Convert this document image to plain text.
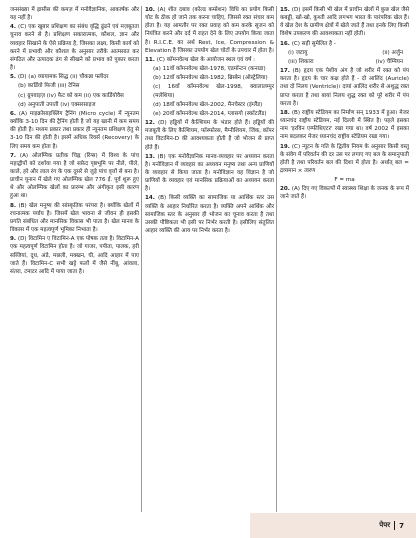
जनसंख्या में ह्रासीस की कमज़ में मनोवैज्ञानिक, आकार्षक और यह नहीं है।
4. (C) एक खुबार प्रशिक्षण का संबंध वृद्धि ढूंढने एवं मज़बूतता चुनाव करने से है। प्रशिक्षण सकारात्मक, कौशल, ज्ञान और व्यवहार सिखाने के ऐसे प्रक्रिया है, जिसका लक्ष्य, किसी कार्य को करने में प्रभावी और कौशल के अनुसार तरीके आत्मसात कर संगठित और उत्पादक ढंग से सीखने को प्रभाव को पुकार करता है।
5. (D) (a) व्यायामक सिद्ध (ii) चौकन्ना फ्लीदर
(b) कार्डियो फिजी (iii) टेनिस
(c) ग्रुपवाइज़ (iv) फैट को कम (ii) एक कार्डियोवैस
(d) अनुपाती उपाती (iv) एक्सरसाइज
6. (A) माइक्रोसाइक्लिंग ट्रैनिंग (Micro cycle) में न्यूनतम क्योंकि 3-10 दिन की ट्रैनिंग होती है जो यह खानी में कम समय की होती है। मध्यम प्रकार तथा प्रकार ही न्यूनतम प्रशिक्षण हेतु से 3-10 दिन की होती है। इसमें अधिक रिवर्स (Recovery) के लिए समय कम होता है।
7. (A) ओलम्पिक प्रतीक चिह्न (रिंग्स) में विश्व के पांच महाद्वीपों को दर्शाया गया है जो सफ़ेद पृष्ठभूमि पर नीले, पीले, काले, हरे और लाल रंग के एक दूसरे से जुड़े पांच वृत्तों से बना है। प्राचीन यूनान में खेले गए ओलम्पिक खेल 776 ई. पूर्व शुरू हुए थे और ओलम्पिक खेलों का प्रारम्भ और अंगीकृत इसी कारण हुआ था।
8. (B) खेल मनुष्य की सांस्कृतिक परंपरा है। क्योंकि खेलों में रचनात्मक पर्याय है। जिसमें खेल भावना से जीवन ही इसकी प्रगति संबंधित और मानसिक विकास भी पाता है। खेल मानव के विकास में एक महत्वपूर्ण भूमिका निभाता है।
9. (D) विटामिन ए विटामिन-A एक पोषक तत्व है। विटामिन-A एक महत्वपूर्ण विटामिन होता है। जो गाजर, पपीता, पालक, हरी सब्जियां, दूध, अंडे, मछली, मक्खन, घी, आदि आहार में पाए जाते हैं। विटामिन-C सभी खट्टे फलों में जैसे नींबू, आंवला, संतरा, टमाटर आदि में पाया जाता है।
10. (A) शीत दबाव (कोल्ड कम्प्रेशन) विधि का प्रयोग किसी चोट के ठीक हो जाने तक करना चाहिए, जिससे रक्त संचार कम होता है। यह आमतौर पर रक्त प्रवाह को कम करके सूजन को नियंत्रित करने और दर्द में राहत देने के लिए उपयोग किया जाता है। R.I.C.E. का अर्थ Rest, Ice, Compression & Elevation है जिसका उपयोग खेल चोटों के उपचार में होता है।
11. (C) कॉमनवेल्थ खेल के आयोजन स्थल एवं वर्ष :
(a) 11वाँ कॉमनवेल्थ खेल-1978, एडमॉन्टन (कनाडा)
(b) 12वाँ कॉमनवेल्थ खेल-1982, ब्रिस्बेन (ऑस्ट्रेलिया)
(c) 16वाँ कॉमनवेल्थ खेल-1998, क्वालालम्पुर (मलेशिया)
(d) 18वाँ कॉमनवेल्थ खेल-2002, मैनचेस्टर (इंग्लैंड)
(e) 20वाँ कॉमनवेल्थ खेल-2014, ग्लासगो (स्कॉटलैंड)
12. (D) हड्डियों में कैल्शियम के भंडार होते हैं। हड्डियों की मजबूती के लिए कैल्शियम, फॉस्फोरस, मैग्नीशियम, जिंक, कॉपर तथा विटामिन-D की आवश्यकता होती है जो भोजन से प्राप्त होते हैं।
13. (B) एक मनोवैज्ञानिक मानव-व्यवहार पर अध्ययन करता है। मनोविज्ञान में व्यवहार का अध्ययन मनुष्य तथा अन्य प्राणियों के व्यवहार से किया जाता है। मनोविज्ञान वह विज्ञान है जो प्राणियों के व्यवहार एवं मानसिक प्रक्रियाओं का अध्ययन करता है।
14. (B) किसी व्यक्ति का सामाजिक या आर्थिक स्तर उस व्यक्ति के आहार निर्धारित करता है। व्यक्ति अपने आर्थिक और सामाजिक स्तर के अनुसार ही भोजन का चुनाव करता है तथा उसकी पौष्टिकता भी इसी पर निर्भर करती है। इसीलिए संतुलित आहार व्यक्ति की आय पर निर्भर करता है।
15. (D) इसमें किसी भी खेल में प्राचीन खेलों में कुछ खेल जैसे कबड्डी, खो-खो, कुश्ती आदि लगभग भारत के पारंपरिक खेल हैं। ये खेल देश के ग्रामीण क्षेत्रों में खेले जाते हैं तथा इनके लिए किसी विशेष उपकरण की आवश्यकता नहीं होती।
16. (C) सही सुमेलित है -
(i) जटायु	(ii) अर्जुन
(iii) शिकारा	(iv) चैम्पियन
17. (B) हृदय एक पेशीय अंग है जो शरीर में रक्त को पंप करता है। हृदय के चार कक्ष होते हैं - दो आलिंद (Auricle) तथा दो निलय (Ventricle)। दायां आलिंद शरीर से अशुद्ध रक्त प्राप्त करता है तथा बायां निलय शुद्ध रक्त को पूरे शरीर में पंप करता है।
18. (B) राष्ट्रीय स्टेडियम का निर्माण सन् 1933 में हुआ। मेजर ध्यानचंद राष्ट्रीय स्टेडियम, नई दिल्ली में स्थित है। पहले इसका नाम 'इरविन एम्फीथिएटर' रखा गया था। वर्ष 2002 में इसका नाम बदलकर मेजर ध्यानचंद राष्ट्रीय स्टेडियम रखा गया।
19. (C) न्यूटन के गति के द्वितीय नियम के अनुसार किसी वस्तु के संवेग में परिवर्तन की दर उस पर लगाए गए बल के समानुपाती होती है तथा परिवर्तन बल की दिशा में होता है। अर्थात् बल = द्रव्यमान × त्वरण
F = ma
20. (A) दिए गए विकल्पों में स्वास्थ्य शिक्षा के जनक के रूप में जाने जाते हैं।
पेपर 7
